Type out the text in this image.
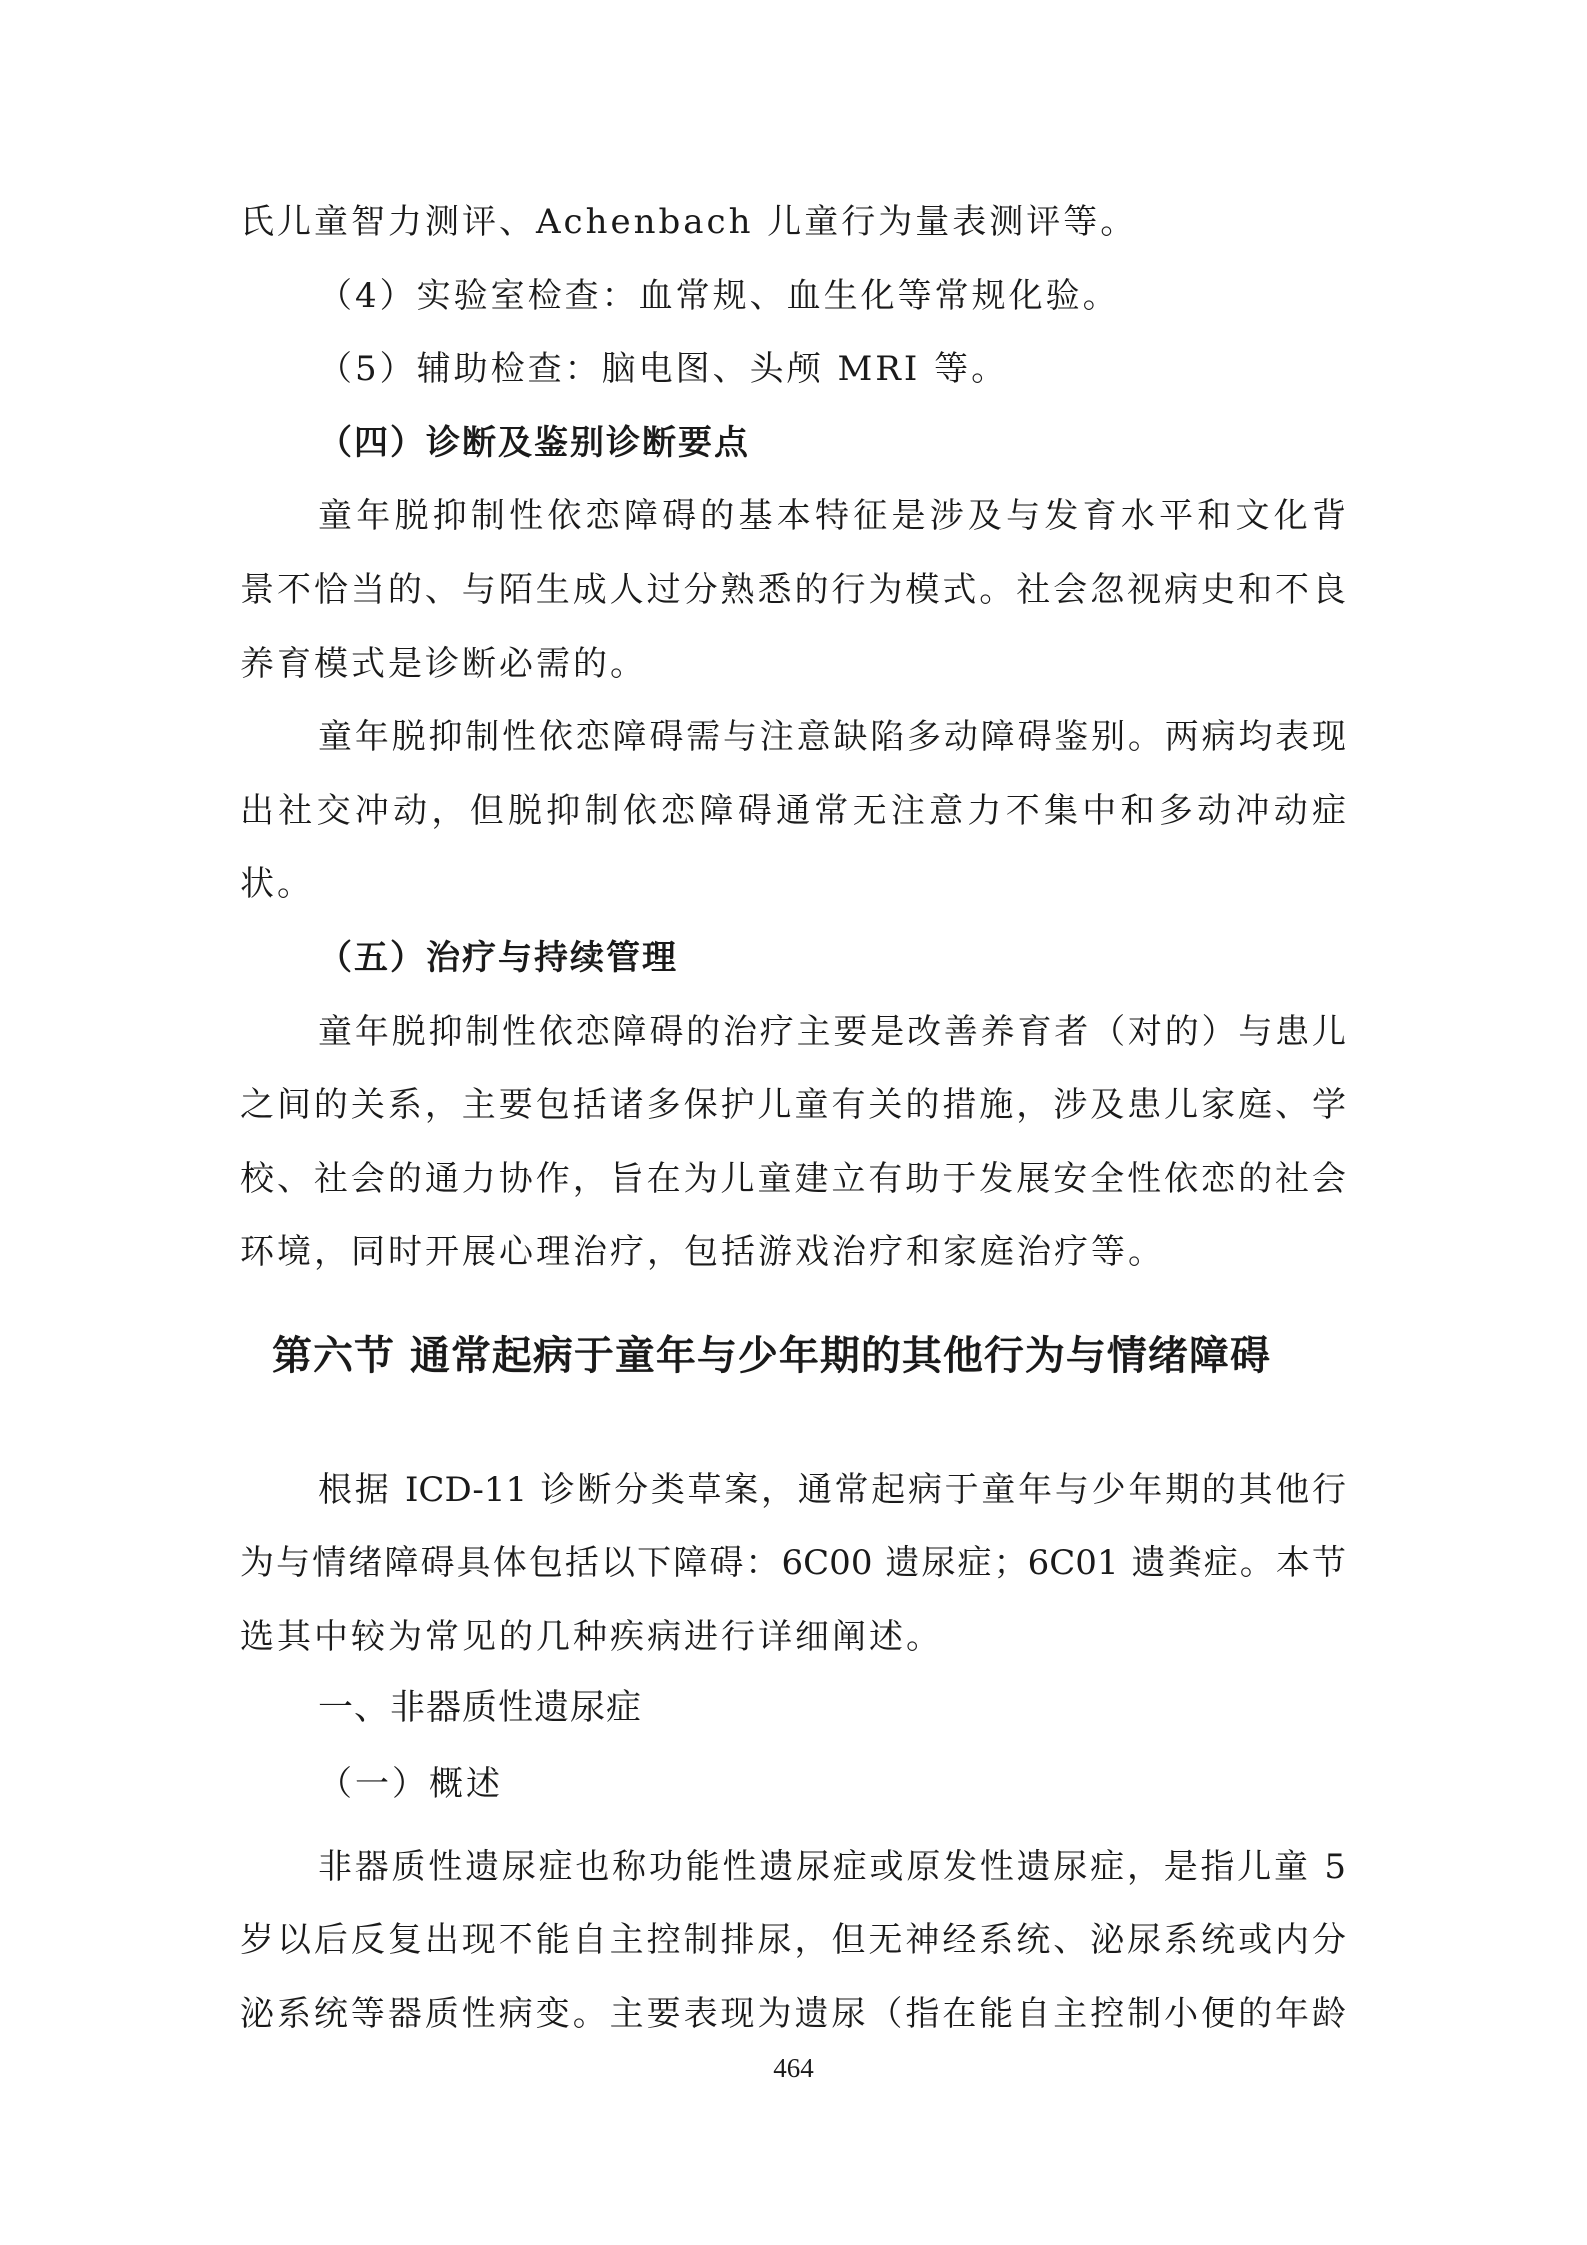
氏儿童智力测评、Achenbach 儿童行为量表测评等。
（4）实验室检查：血常规、血生化等常规化验。
（5）辅助检查：脑电图、头颅 MRI 等。
（四）诊断及鉴别诊断要点
童年脱抑制性依恋障碍的基本特征是涉及与发育水平和文化背
景不恰当的、与陌生成人过分熟悉的行为模式。社会忽视病史和不良
养育模式是诊断必需的。
童年脱抑制性依恋障碍需与注意缺陷多动障碍鉴别。两病均表现
出社交冲动，但脱抑制依恋障碍通常无注意力不集中和多动冲动症
状。
（五）治疗与持续管理
童年脱抑制性依恋障碍的治疗主要是改善养育者（对的）与患儿
之间的关系，主要包括诸多保护儿童有关的措施，涉及患儿家庭、学
校、社会的通力协作，旨在为儿童建立有助于发展安全性依恋的社会
环境，同时开展心理治疗，包括游戏治疗和家庭治疗等。
第六节 通常起病于童年与少年期的其他行为与情绪障碍
根据 ICD-11 诊断分类草案，通常起病于童年与少年期的其他行
为与情绪障碍具体包括以下障碍：6C00 遗尿症；6C01 遗粪症。本节
选其中较为常见的几种疾病进行详细阐述。
一、非器质性遗尿症
（一）概述
非器质性遗尿症也称功能性遗尿症或原发性遗尿症，是指儿童 5
岁以后反复出现不能自主控制排尿，但无神经系统、泌尿系统或内分
泌系统等器质性病变。主要表现为遗尿（指在能自主控制小便的年龄
464
